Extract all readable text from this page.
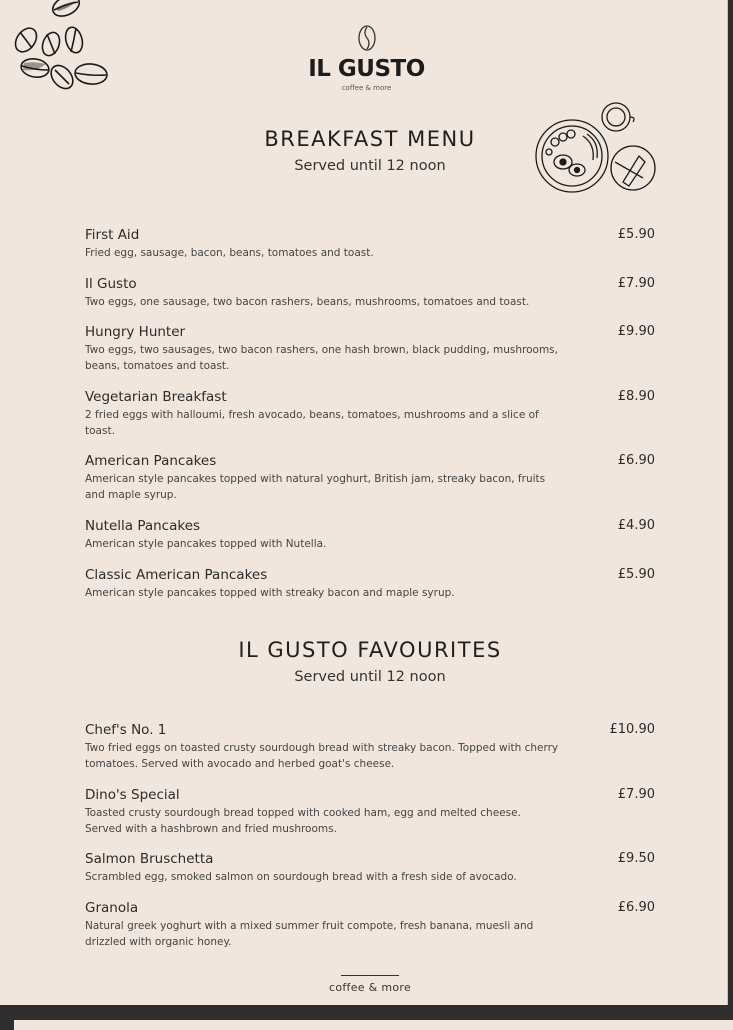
IL GUSTO
coffee & more
BREAKFAST MENU
Served until 12 noon
First Aid
Fried egg, sausage, bacon, beans, tomatoes and toast.
£5.90
Il Gusto
Two eggs, one sausage, two bacon rashers, beans, mushrooms, tomatoes and toast.
£7.90
Hungry Hunter
Two eggs, two sausages, two bacon rashers, one hash brown, black pudding, mushrooms, beans, tomatoes and toast.
£9.90
Vegetarian Breakfast
2 fried eggs with halloumi, fresh avocado, beans, tomatoes, mushrooms and a slice of toast.
£8.90
American Pancakes
American style pancakes topped with natural yoghurt, British jam, streaky bacon, fruits and maple syrup.
£6.90
Nutella Pancakes
American style pancakes topped with Nutella.
£4.90
Classic American Pancakes
American style pancakes topped with streaky bacon and maple syrup.
£5.90
IL GUSTO FAVOURITES
Served until 12 noon
Chef's No. 1
Two fried eggs on toasted crusty sourdough bread with streaky bacon. Topped with cherry tomatoes. Served with avocado and herbed goat's cheese.
£10.90
Dino's Special
Toasted crusty sourdough bread topped with cooked ham, egg and melted cheese. Served with a hashbrown and fried mushrooms.
£7.90
Salmon Bruschetta
Scrambled egg, smoked salmon on sourdough bread with a fresh side of avocado.
£9.50
Granola
Natural greek yoghurt with a mixed summer fruit compote, fresh banana, muesli and drizzled with organic honey.
£6.90
coffee & more
